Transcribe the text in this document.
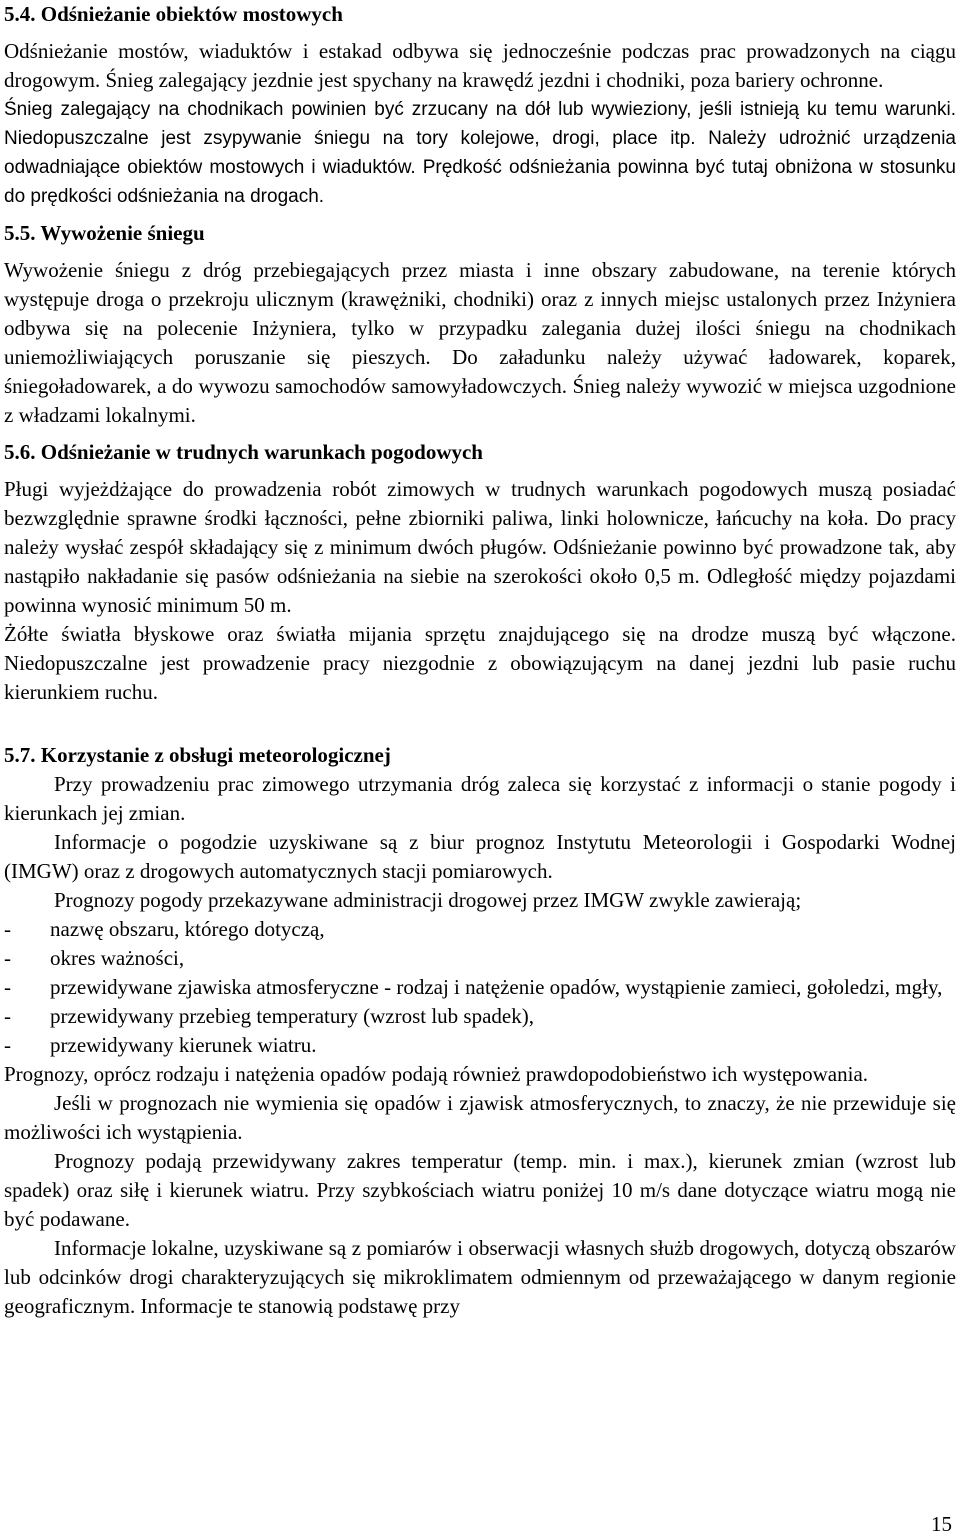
5.4. Odśnieżanie obiektów mostowych

Odśnieżanie mostów, wiaduktów i estakad odbywa się jednocześnie podczas prac prowadzonych na ciągu drogowym. Śnieg zalegający jezdnie jest spychany na krawędź jezdni i chodniki, poza bariery ochronne.

Śnieg zalegający na chodnikach powinien być zrzucany na dół lub wywieziony, jeśli istnieją ku temu warunki. Niedopuszczalne jest zsypywanie śniegu na tory kolejowe, drogi, place itp. Należy udrożnić urządzenia odwadniające obiektów mostowych i wiaduktów. Prędkość odśnieżania powinna być tutaj obniżona w stosunku do prędkości odśnieżania na drogach.

5.5. Wywożenie śniegu

Wywożenie śniegu z dróg przebiegających przez miasta i inne obszary zabudowane, na terenie których występuje droga o przekroju ulicznym (krawężniki, chodniki) oraz z innych miejsc ustalonych przez Inżyniera odbywa się na polecenie Inżyniera, tylko w przypadku zalegania dużej ilości śniegu na chodnikach uniemożliwiających poruszanie się pieszych. Do załadunku należy używać ładowarek, koparek, śniegoładowarek, a do wywozu samochodów samowyładowczych. Śnieg należy wywozić w miejsca uzgodnione z władzami lokalnymi.

5.6. Odśnieżanie w trudnych warunkach pogodowych

Pługi wyjeżdżające do prowadzenia robót zimowych w trudnych warunkach pogodowych muszą posiadać bezwzględnie sprawne środki łączności, pełne zbiorniki paliwa, linki holownicze, łańcuchy na koła. Do pracy należy wysłać zespół składający się z minimum dwóch pługów. Odśnieżanie powinno być prowadzone tak, aby nastąpiło nakładanie się pasów odśnieżania na siebie na szerokości około 0,5 m. Odległość między pojazdami powinna wynosić minimum 50 m.

Żółte światła błyskowe oraz światła mijania sprzętu znajdującego się na drodze muszą być włączone. Niedopuszczalne jest prowadzenie pracy niezgodnie z obowiązującym na danej jezdni lub pasie ruchu kierunkiem ruchu.

5.7. Korzystanie z obsługi meteorologicznej

Przy prowadzeniu prac zimowego utrzymania dróg zaleca się korzystać z informacji o stanie pogody i kierunkach jej zmian.

Informacje o pogodzie uzyskiwane są z biur prognoz Instytutu Meteorologii i Gospodarki Wodnej (IMGW) oraz z drogowych automatycznych stacji pomiarowych.

Prognozy pogody przekazywane administracji drogowej przez IMGW zwykle zawierają;

-	nazwę obszaru, którego dotyczą,
-	okres ważności,

- przewidywane zjawiska atmosferyczne - rodzaj i natężenie opadów, wystąpienie zamieci, gołoledzi, mgły,

-	przewidywany przebieg temperatury (wzrost lub spadek),
-	przewidywany kierunek wiatru.

Prognozy, oprócz rodzaju i natężenia opadów podają również prawdopodobieństwo ich występowania.

Jeśli w prognozach nie wymienia się opadów i zjawisk atmosferycznych, to znaczy, że nie przewiduje się możliwości ich wystąpienia.

Prognozy podają przewidywany zakres temperatur (temp. min. i max.), kierunek zmian (wzrost lub spadek) oraz siłę i kierunek wiatru. Przy szybkościach wiatru poniżej 10 m/s dane dotyczące wiatru mogą nie być podawane.

Informacje lokalne, uzyskiwane są z pomiarów i obserwacji własnych służb drogowych, dotyczą obszarów lub odcinków drogi charakteryzujących się mikroklimatem odmiennym od przeważającego w danym regionie geograficznym. Informacje te stanowią podstawę przy

15
